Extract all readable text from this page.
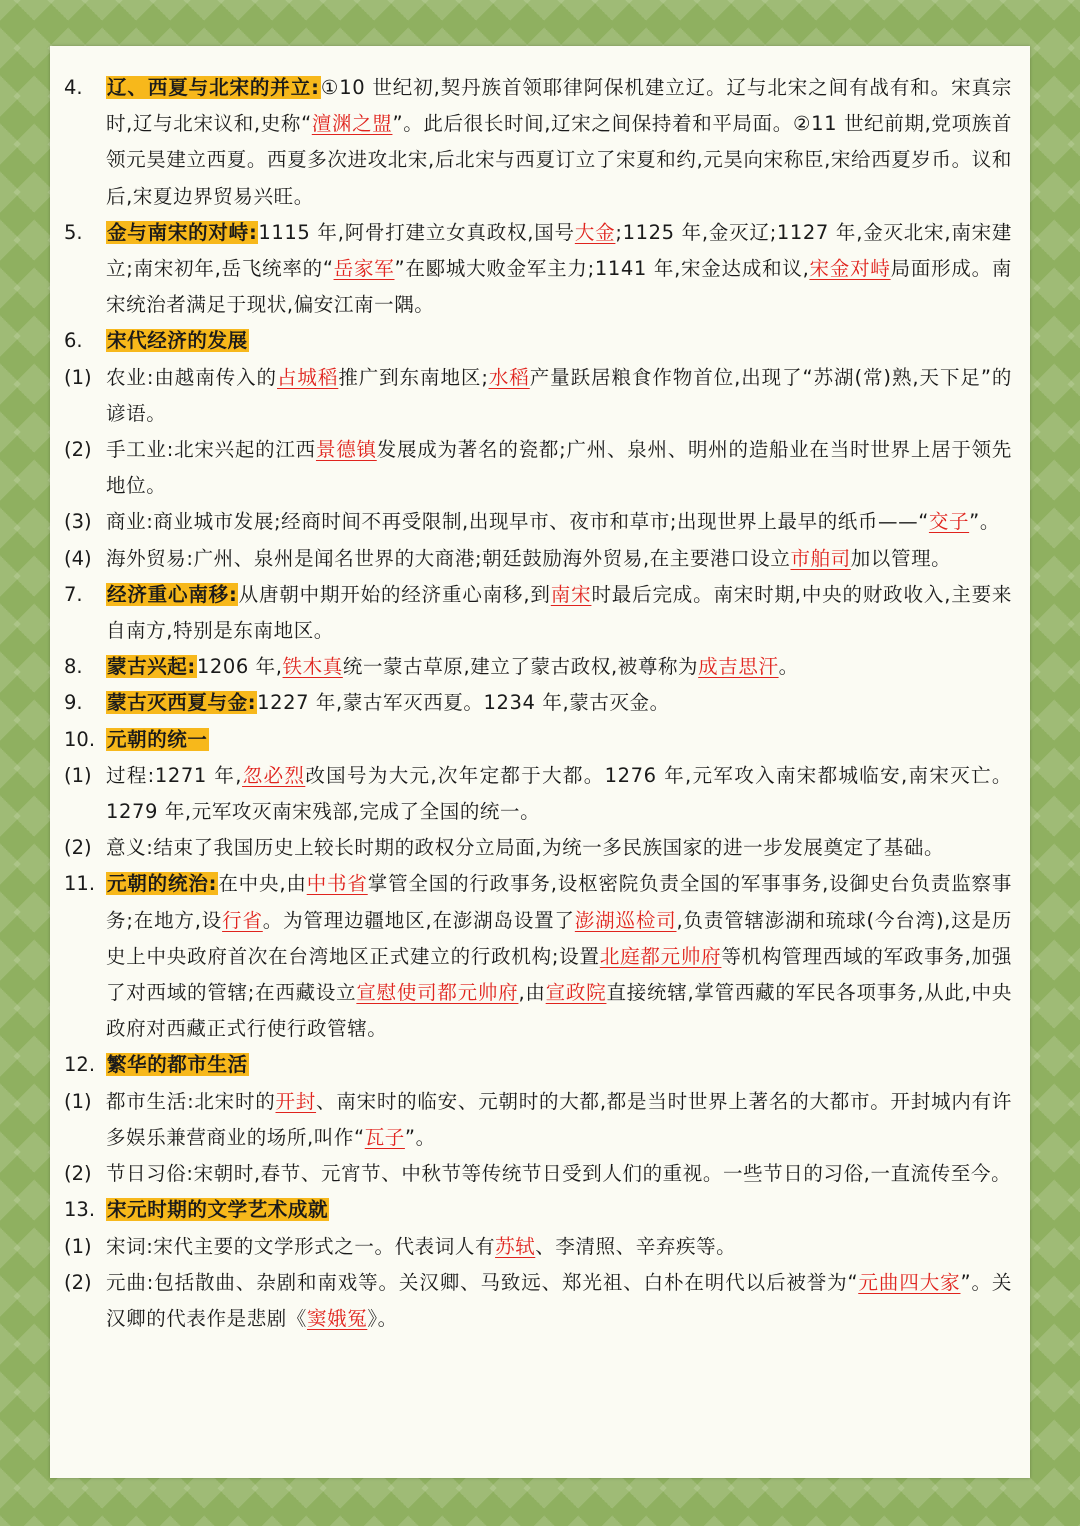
4.	辽、西夏与北宋的并立:①10 世纪初,契丹族首领耶律阿保机建立辽。辽与北宋之间有战有和。宋真宗时,辽与北宋议和,史称“澶渊之盟”。此后很长时间,辽宋之间保持着和平局面。②11 世纪前期,党项族首领元昊建立西夏。西夏多次进攻北宋,后北宋与西夏订立了宋夏和约,元昊向宋称臣,宋给西夏岁币。议和后,宋夏边界贸易兴旺。
5.	金与南宋的对峙:1115 年,阿骨打建立女真政权,国号大金;1125 年,金灭辽;1127 年,金灭北宋,南宋建立;南宋初年,岳飞统率的“岳家军”在郾城大败金军主力;1141 年,宋金达成和议,宋金对峙局面形成。南宋统治者满足于现状,偏安江南一隅。
6.	宋代经济的发展
(1) 农业:由越南传入的占城稻推广到东南地区;水稻产量跃居粮食作物首位,出现了“苏湖(常)熟,天下足”的谚语。
(2) 手工业:北宋兴起的江西景德镇发展成为著名的瓷都;广州、泉州、明州的造船业在当时世界上居于领先地位。
(3) 商业:商业城市发展;经商时间不再受限制,出现早市、夜市和草市;出现世界上最早的纸币——“交子”。
(4) 海外贸易:广州、泉州是闻名世界的大商港;朝廷鼓励海外贸易,在主要港口设立市舶司加以管理。
7.	经济重心南移:从唐朝中期开始的经济重心南移,到南宋时最后完成。南宋时期,中央的财政收入,主要来自南方,特别是东南地区。
8.	蒙古兴起:1206 年,铁木真统一蒙古草原,建立了蒙古政权,被尊称为成吉思汗。
9.	蒙古灭西夏与金:1227 年,蒙古军灭西夏。1234 年,蒙古灭金。
10. 元朝的统一
(1) 过程:1271 年,忽必烈改国号为大元,次年定都于大都。1276 年,元军攻入南宋都城临安,南宋灭亡。1279 年,元军攻灭南宋残部,完成了全国的统一。
(2) 意义:结束了我国历史上较长时期的政权分立局面,为统一多民族国家的进一步发展奠定了基础。
11. 元朝的统治:在中央,由中书省掌管全国的行政事务,设枢密院负责全国的军事事务,设御史台负责监察事务;在地方,设行省。为管理边疆地区,在澎湖岛设置了澎湖巡检司,负责管辖澎湖和琉球(今台湾),这是历史上中央政府首次在台湾地区正式建立的行政机构;设置北庭都元帅府等机构管理西域的军政事务,加强了对西域的管辖;在西藏设立宣慰使司都元帅府,由宣政院直接统辖,掌管西藏的军民各项事务,从此,中央政府对西藏正式行使行政管辖。
12. 繁华的都市生活
(1) 都市生活:北宋时的开封、南宋时的临安、元朝时的大都,都是当时世界上著名的大都市。开封城内有许多娱乐兼营商业的场所,叫作“瓦子”。
(2) 节日习俗:宋朝时,春节、元宵节、中秋节等传统节日受到人们的重视。一些节日的习俗,一直流传至今。
13. 宋元时期的文学艺术成就
(1) 宋词:宋代主要的文学形式之一。代表词人有苏轼、李清照、辛弃疾等。
(2) 元曲:包括散曲、杂剧和南戏等。关汉卿、马致远、郑光祖、白朴在明代以后被誉为“元曲四大家”。关汉卿的代表作是悲剧《窦娥冤》。
